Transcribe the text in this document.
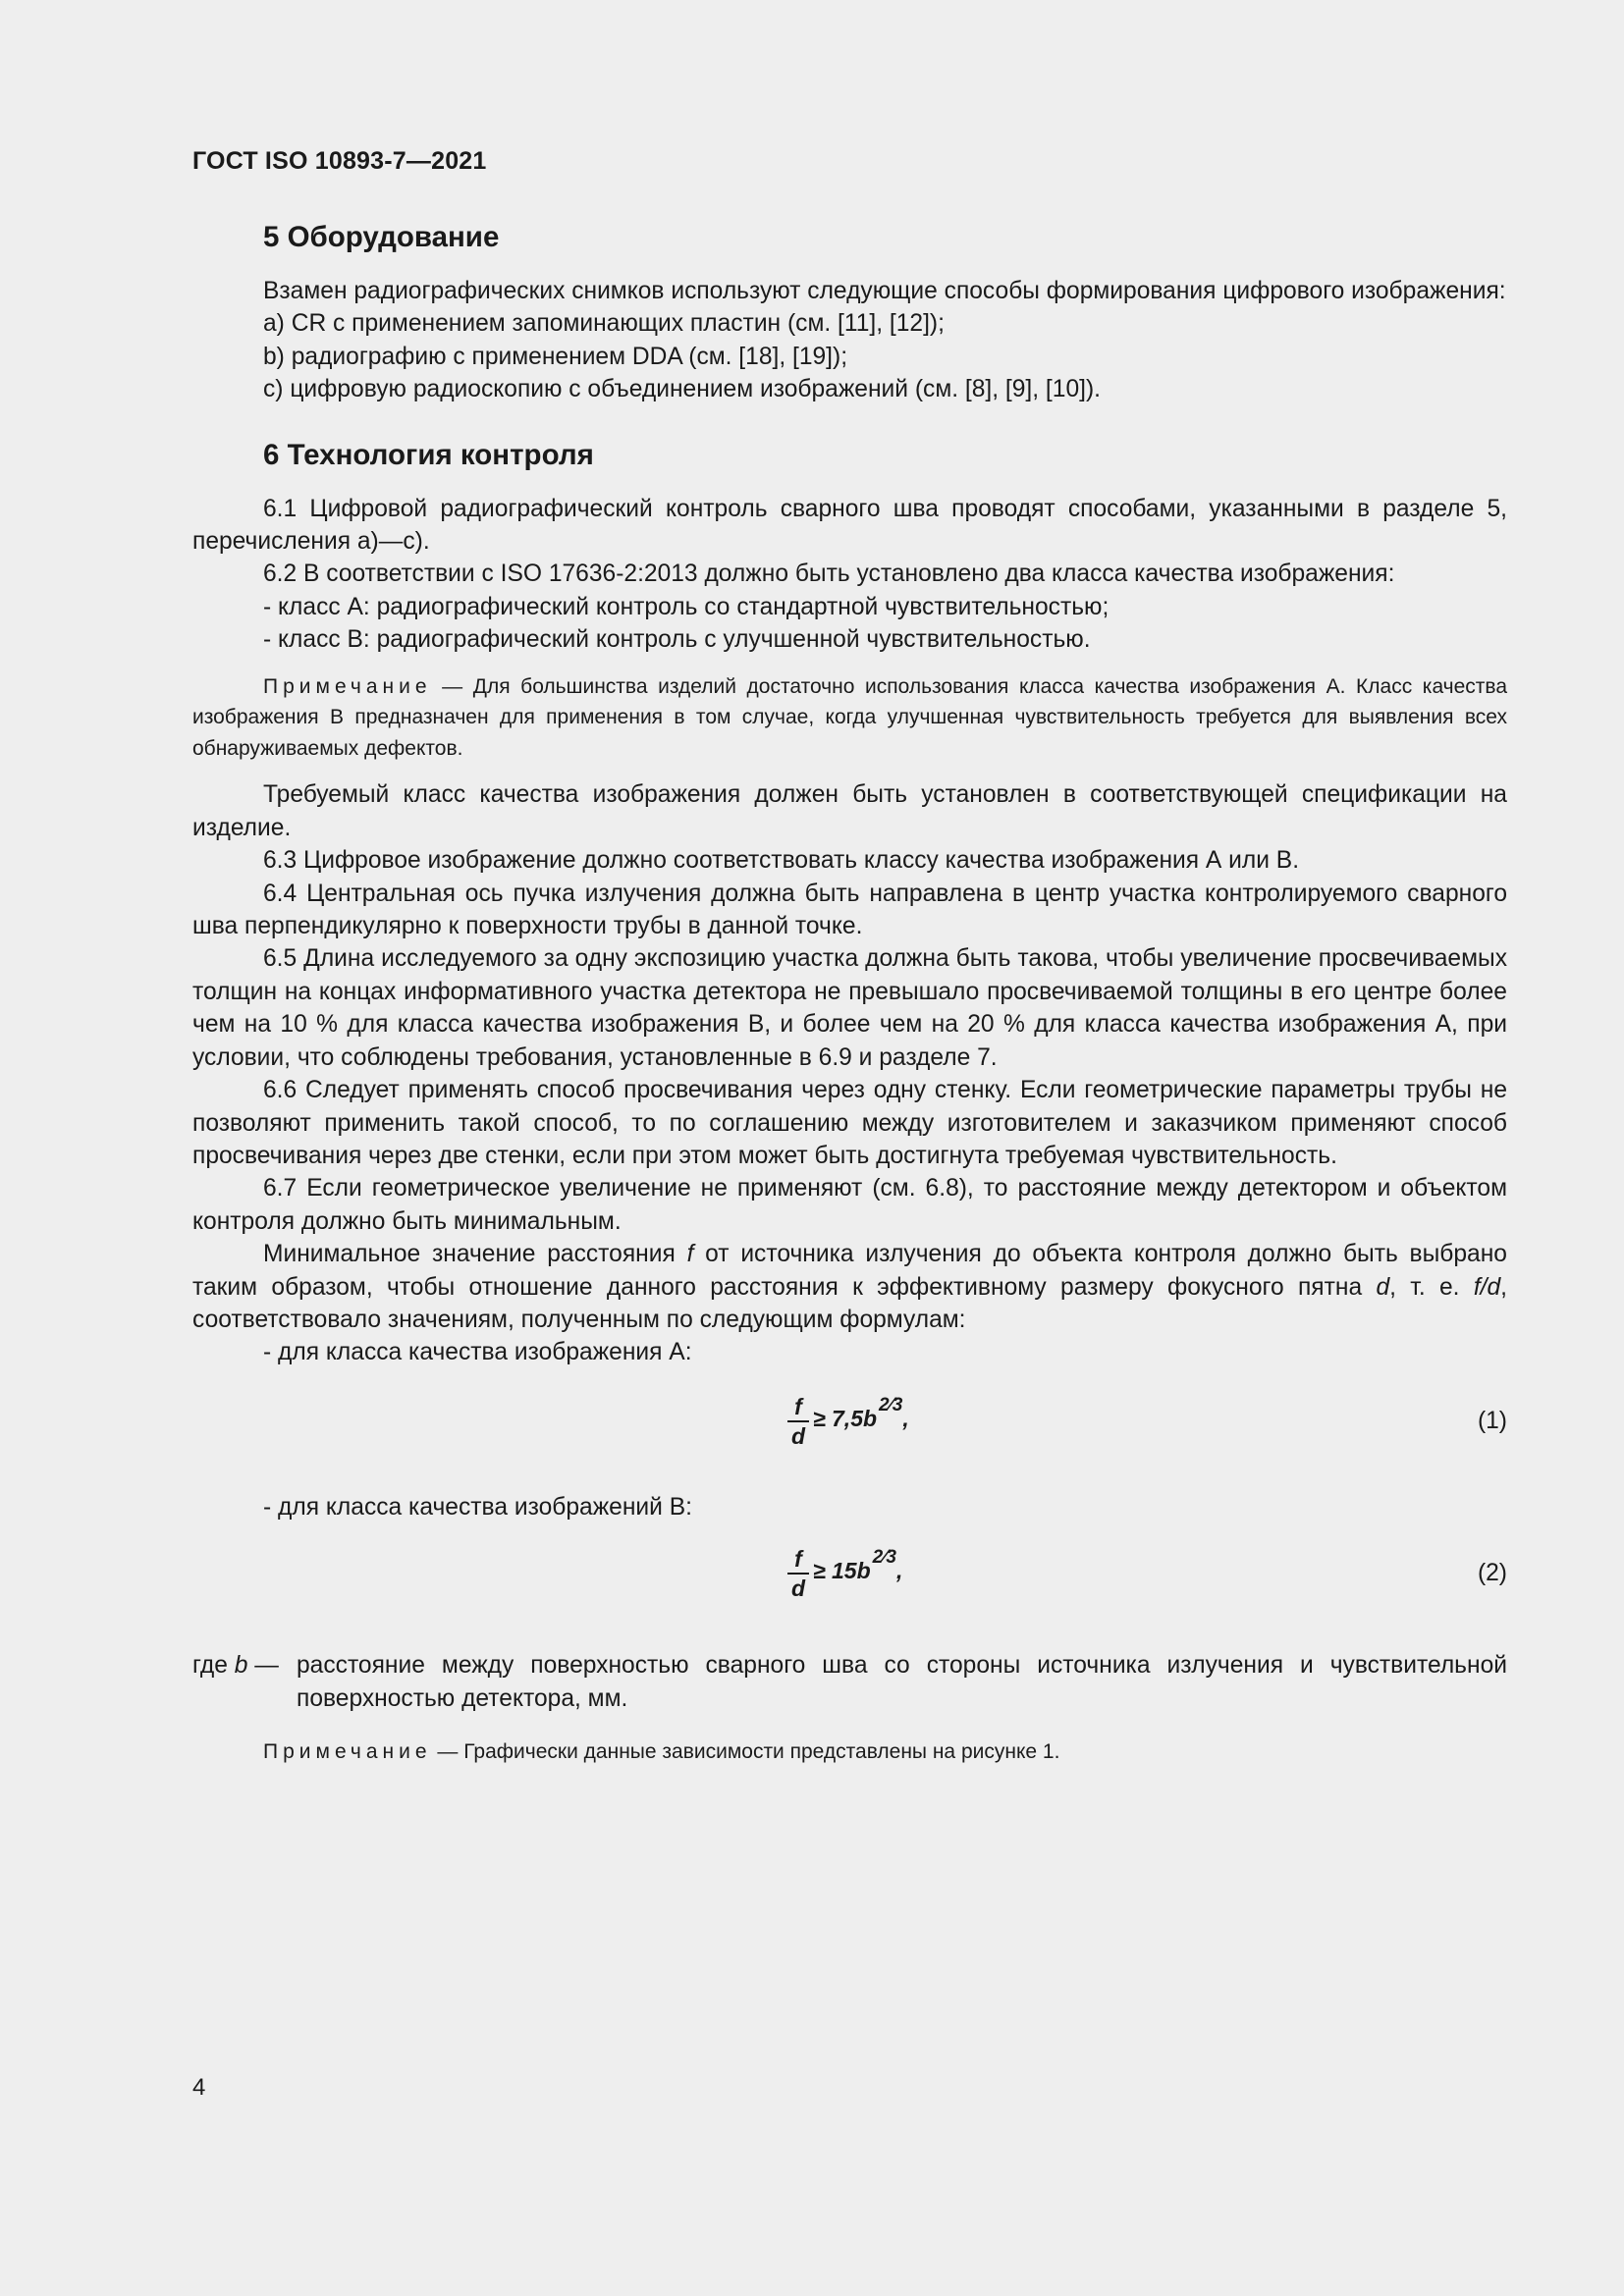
ГОСТ ISO 10893-7—2021
5 Оборудование

Взамен радиографических снимков используют следующие способы формирования цифрового изображения:

a) CR с применением запоминающих пластин (см. [11], [12]);
b) радиографию с применением DDA (см. [18], [19]);
c) цифровую радиоскопию с объединением изображений (см. [8], [9], [10]).
6 Технология контроля

6.1 Цифровой радиографический контроль сварного шва проводят способами, указанными в разделе 5, перечисления а)—с).

6.2 В соответствии с ISO 17636-2:2013 должно быть установлено два класса качества изображения:

- класс А: радиографический контроль со стандартной чувствительностью;
- класс В: радиографический контроль с улучшенной чувствительностью.

Примечание — Для большинства изделий достаточно использования класса качества изображения А. Класс качества изображения В предназначен для применения в том случае, когда улучшенная чувствительность требуется для выявления всех обнаруживаемых дефектов.

Требуемый класс качества изображения должен быть установлен в соответствующей спецификации на изделие.

6.3 Цифровое изображение должно соответствовать классу качества изображения А или В.

6.4 Центральная ось пучка излучения должна быть направлена в центр участка контролируемого сварного шва перпендикулярно к поверхности трубы в данной точке.

6.5 Длина исследуемого за одну экспозицию участка должна быть такова, чтобы увеличение просвечиваемых толщин на концах информативного участка детектора не превышало просвечиваемой толщины в его центре более чем на 10 % для класса качества изображения В, и более чем на 20 % для класса качества изображения А, при условии, что соблюдены требования, установленные в 6.9 и разделе 7.

6.6 Следует применять способ просвечивания через одну стенку. Если геометрические параметры трубы не позволяют применить такой способ, то по соглашению между изготовителем и заказчиком применяют способ просвечивания через две стенки, если при этом может быть достигнута требуемая чувствительность.

6.7 Если геометрическое увеличение не применяют (см. 6.8), то расстояние между детектором и объектом контроля должно быть минимальным.

Минимальное значение расстояния f от источника излучения до объекта контроля должно быть выбрано таким образом, чтобы отношение данного расстояния к эффективному размеру фокусного пятна d, т. е. f/d, соответствовало значениям, полученным по следующим формулам:

- для класса качества изображения А:
f
d
≥ $7,5b^{2⁄3}$,	(1)
- для класса качества изображений В:
f
d
≥ $15b^{2⁄3}$,	(2)
где b — расстояние между поверхностью сварного шва со стороны источника излучения и чувствительной поверхностью детектора, мм.

Примечание — Графически данные зависимости представлены на рисунке 1.

4
